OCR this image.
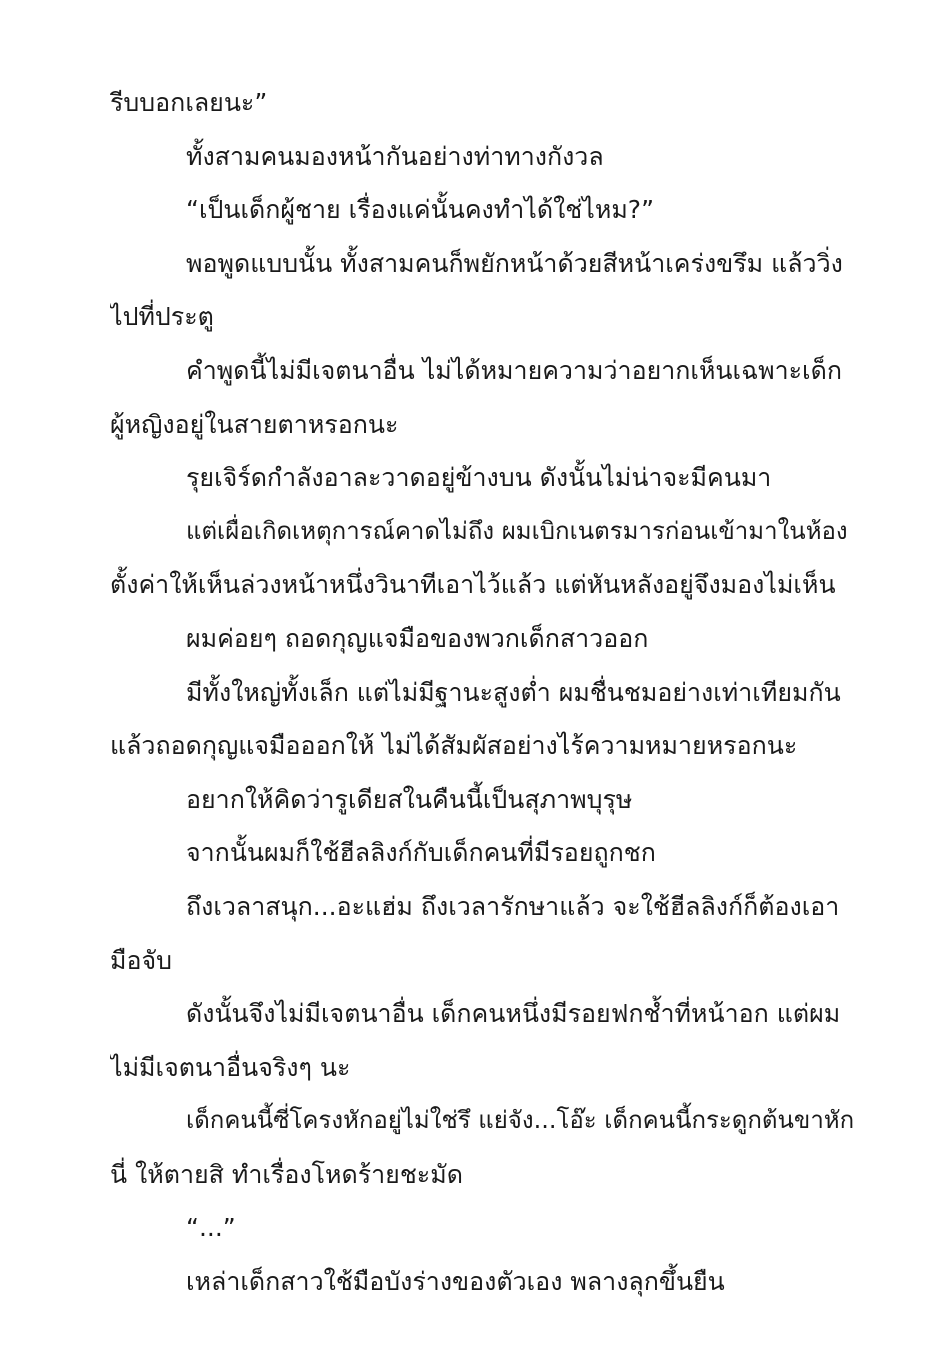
รีบบอกเลยนะ”
ทั้งสามคนมองหน้ากันอย่างท่าทางกังวล
“เป็นเด็กผู้ชาย เรื่องแค่นั้นคงทำได้ใช่ไหม?”
พอพูดแบบนั้น ทั้งสามคนก็พยักหน้าด้วยสีหน้าเคร่งขรึม แล้ววิ่ง
ไปที่ประตู
คำพูดนี้ไม่มีเจตนาอื่น ไม่ได้หมายความว่าอยากเห็นเฉพาะเด็ก
ผู้หญิงอยู่ในสายตาหรอกนะ
รุยเจิร์ดกำลังอาละวาดอยู่ข้างบน ดังนั้นไม่น่าจะมีคนมา
แต่เผื่อเกิดเหตุการณ์คาดไม่ถึง ผมเบิกเนตรมารก่อนเข้ามาในห้อง
ตั้งค่าให้เห็นล่วงหน้าหนึ่งวินาทีเอาไว้แล้ว แต่หันหลังอยู่จึงมองไม่เห็น
ผมค่อยๆ ถอดกุญแจมือของพวกเด็กสาวออก
มีทั้งใหญ่ทั้งเล็ก แต่ไม่มีฐานะสูงต่ำ ผมชื่นชมอย่างเท่าเทียมกัน
แล้วถอดกุญแจมือออกให้ ไม่ได้สัมผัสอย่างไร้ความหมายหรอกนะ
อยากให้คิดว่ารูเดียสในคืนนี้เป็นสุภาพบุรุษ
จากนั้นผมก็ใช้ฮีลลิงก์กับเด็กคนที่มีรอยถูกชก
ถึงเวลาสนุก...อะแฮ่ม ถึงเวลารักษาแล้ว จะใช้ฮีลลิงก์ก็ต้องเอา
มือจับ
ดังนั้นจึงไม่มีเจตนาอื่น เด็กคนหนึ่งมีรอยฟกช้ำที่หน้าอก แต่ผม
ไม่มีเจตนาอื่นจริงๆ นะ
เด็กคนนี้ซี่โครงหักอยู่ไม่ใช่รึ แย่จัง...โอ๊ะ เด็กคนนี้กระดูกต้นขาหัก
นี่ ให้ตายสิ ทำเรื่องโหดร้ายชะมัด
“...”
เหล่าเด็กสาวใช้มือบังร่างของตัวเอง พลางลุกขึ้นยืน
